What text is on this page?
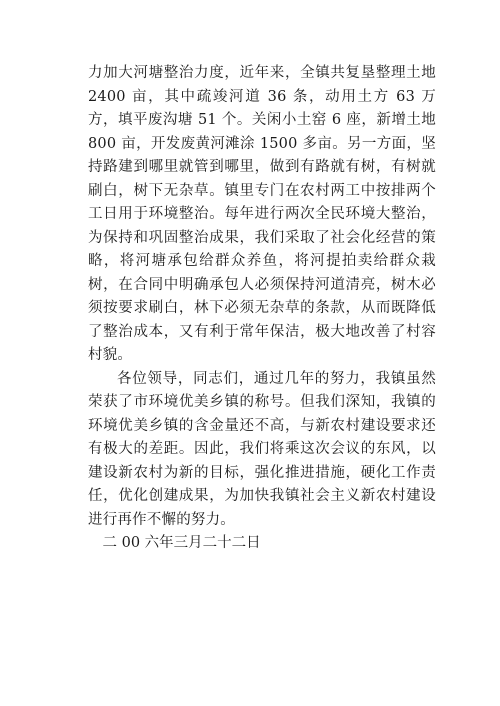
力加大河塘整治力度，近年来，全镇共复垦整理土地 2400 亩，其中疏竣河道 36 条，动用土方 63 万方，填平废沟塘 51 个。关闲小土窑 6 座，新增土地 800 亩，开发废黄河滩涂 1500 多亩。另一方面，坚持路建到哪里就管到哪里，做到有路就有树，有树就刷白，树下无杂草。镇里专门在农村两工中按排两个工日用于环境整治。每年进行两次全民环境大整治，为保持和巩固整治成果，我们采取了社会化经营的策略，将河塘承包给群众养鱼，将河提拍卖给群众栽树，在合同中明确承包人必须保持河道清亮，树木必须按要求刷白，林下必须无杂草的条款，从而既降低了整治成本，又有利于常年保洁，极大地改善了村容村貌。

各位领导，同志们，通过几年的努力，我镇虽然荣获了市环境优美乡镇的称号。但我们深知，我镇的环境优美乡镇的含金量还不高，与新农村建设要求还有极大的差距。因此，我们将乘这次会议的东风，以建设新农村为新的目标，强化推进措施，硬化工作责任，优化创建成果，为加快我镇社会主义新农村建设进行再作不懈的努力。

二 00 六年三月二十二日
